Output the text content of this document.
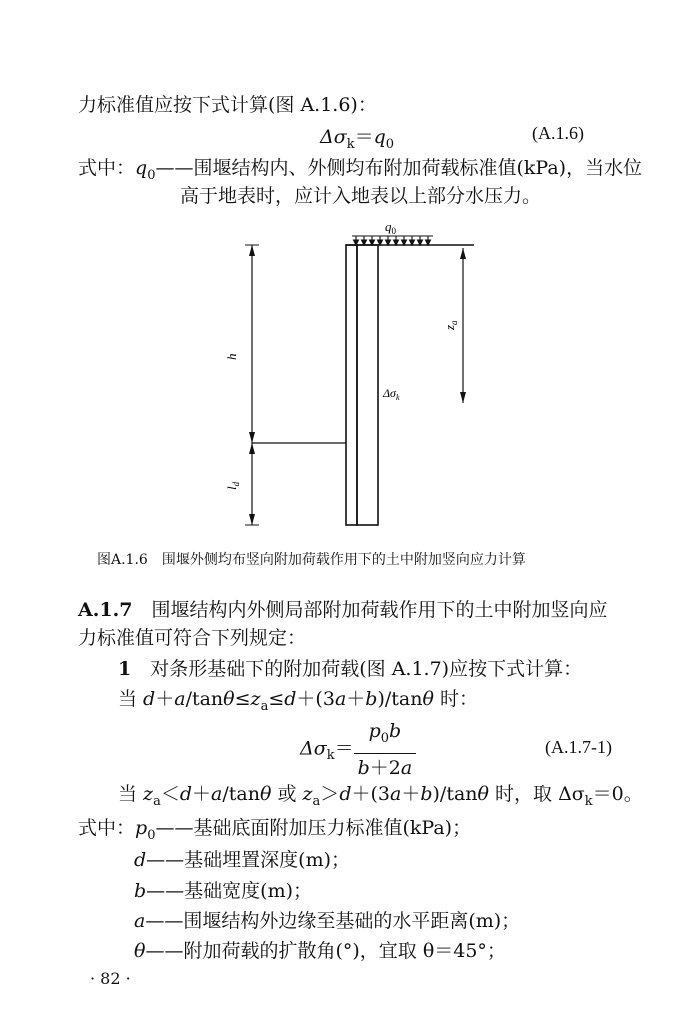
力标准值应按下式计算(图 A.1.6)：
$\Delta\sigma_k=q_0$
(A.1.6)
式中：$q_0——$围堰结构内、外侧均布附加荷载标准值(kPa)，当水位
高于地表时，应计入地表以上部分水压力。
$q_0$
h
$l_d$
$z_a$
$\Delta\sigma_k$
图A.1.6　围堰外侧均布竖向附加荷载作用下的土中附加竖向应力计算
A.1.7　 围堰结构内外侧局部附加荷载作用下的土中附加竖向应
力标准值可符合下列规定：
1　 对条形基础下的附加荷载(图 A.1.7)应按下式计算：
当 $d+a/\tan\theta\le z_a\le d+(3a+b)$/tanθ 时：
$\Delta\sigma_k= \frac{p_0b}{b+2a}$	(A.1.7-1)
当 $z_a<d+a$/tanθ 或 $z_a>d+(3a+b)$/tanθ 时，取 $\Delta\sigma_k=0$。
式中：$p_0——$基础底面附加压力标准值(kPa)；
d——基础埋置深度(m)；
b——基础宽度(m)；
a——围堰结构外边缘至基础的水平距离(m)；
θ——附加荷载的扩散角(°)，宜取 θ＝45°；
· 82 ·
